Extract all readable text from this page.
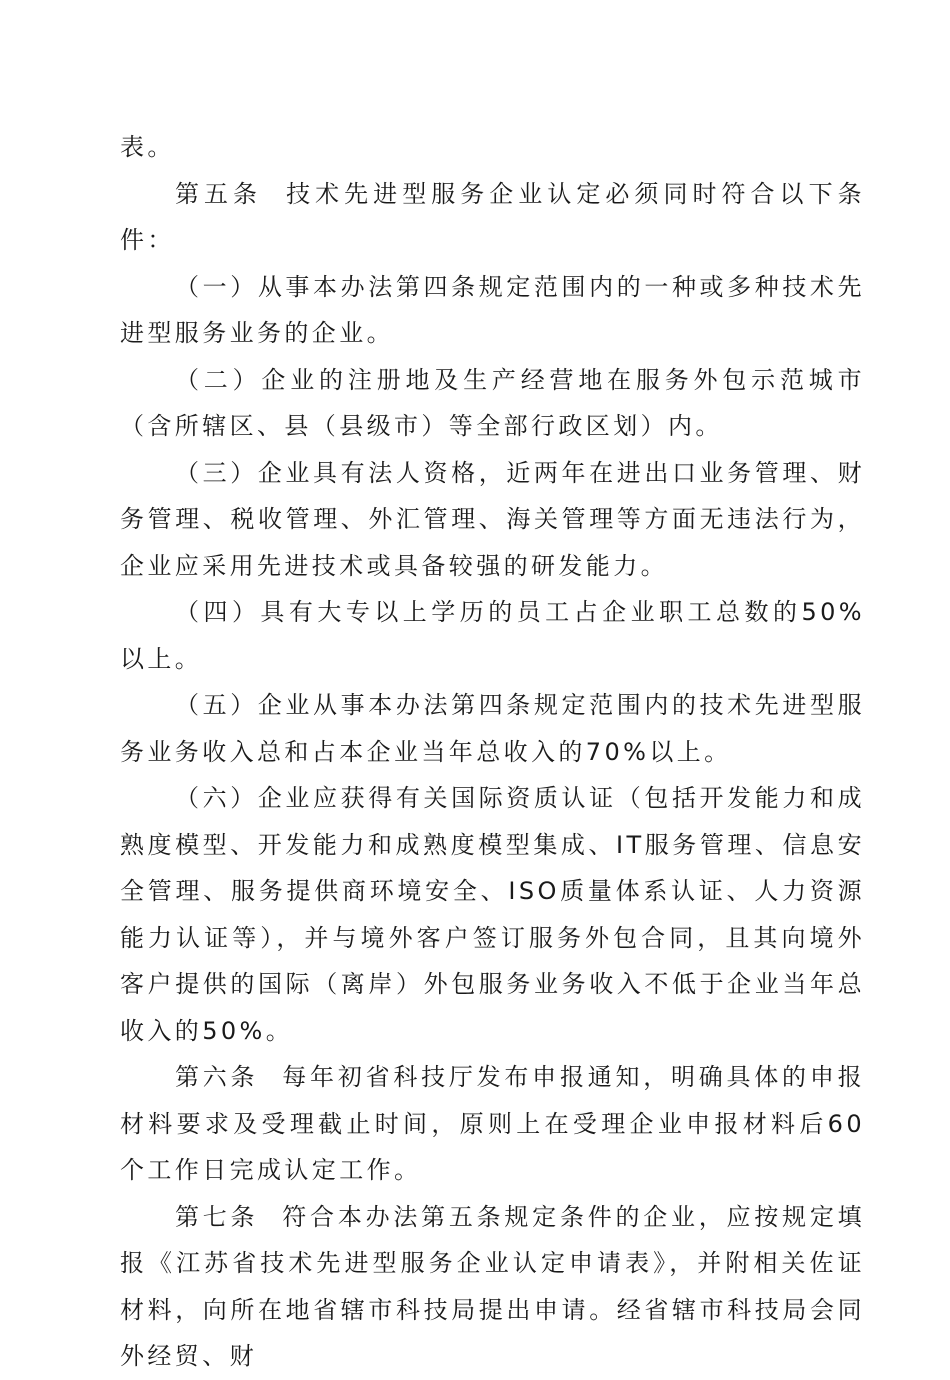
表。

第五条 技术先进型服务企业认定必须同时符合以下条件：

（一）从事本办法第四条规定范围内的一种或多种技术先进型服务业务的企业。

（二）企业的注册地及生产经营地在服务外包示范城市（含所辖区、县（县级市）等全部行政区划）内。

（三）企业具有法人资格，近两年在进出口业务管理、财务管理、税收管理、外汇管理、海关管理等方面无违法行为，企业应采用先进技术或具备较强的研发能力。

（四）具有大专以上学历的员工占企业职工总数的50%以上。

（五）企业从事本办法第四条规定范围内的技术先进型服务业务收入总和占本企业当年总收入的70%以上。

（六）企业应获得有关国际资质认证（包括开发能力和成熟度模型、开发能力和成熟度模型集成、IT服务管理、信息安全管理、服务提供商环境安全、ISO质量体系认证、人力资源能力认证等），并与境外客户签订服务外包合同，且其向境外客户提供的国际（离岸）外包服务业务收入不低于企业当年总收入的50%。

第六条 每年初省科技厅发布申报通知，明确具体的申报材料要求及受理截止时间，原则上在受理企业申报材料后60个工作日完成认定工作。

第七条 符合本办法第五条规定条件的企业，应按规定填报《江苏省技术先进型服务企业认定申请表》，并附相关佐证材料，向所在地省辖市科技局提出申请。经省辖市科技局会同外经贸、财
